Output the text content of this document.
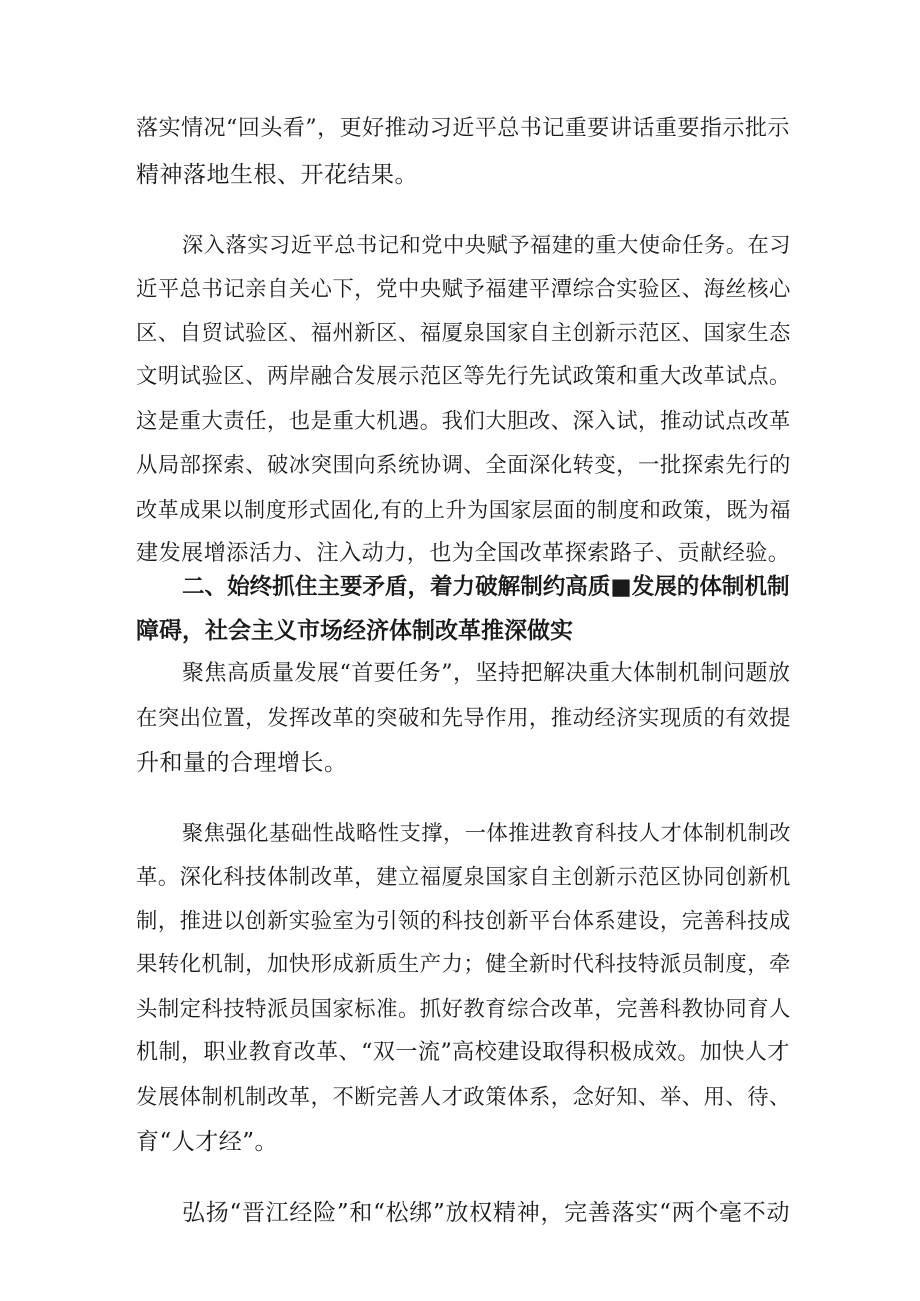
落实情况“回头看”，更好推动习近平总书记重要讲话重要指示批示
精神落地生根、开花结果。
深入落实习近平总书记和党中央赋予福建的重大使命任务。在习
近平总书记亲自关心下，党中央赋予福建平潭综合实验区、海丝核心
区、自贸试验区、福州新区、福厦泉国家自主创新示范区、国家生态
文明试验区、两岸融合发展示范区等先行先试政策和重大改革试点。
这是重大责任，也是重大机遇。我们大胆改、深入试，推动试点改革
从局部探索、破冰突围向系统协调、全面深化转变，一批探索先行的
改革成果以制度形式固化,有的上升为国家层面的制度和政策，既为福
建发展增添活力、注入动力，也为全国改革探索路子、贡献经验。
二、始终抓住主要矛盾，着力破解制约高质■发展的体制机制
障碍，社会主义市场经济体制改革推深做实
聚焦高质量发展“首要任务”，坚持把解决重大体制机制问题放
在突出位置，发挥改革的突破和先导作用，推动经济实现质的有效提
升和量的合理增长。
聚焦强化基础性战略性支撑，一体推进教育科技人才体制机制改
革。深化科技体制改革，建立福厦泉国家自主创新示范区协同创新机
制，推进以创新实验室为引领的科技创新平台体系建设，完善科技成
果转化机制，加快形成新质生产力；健全新时代科技特派员制度，牵
头制定科技特派员国家标准。抓好教育综合改革，完善科教协同育人
机制，职业教育改革、“双一流”高校建设取得积极成效。加快人才
发展体制机制改革，不断完善人才政策体系，念好知、举、用、待、
育“人才经”。
弘扬“晋江经险”和“松绑”放权精神，完善落实“两个毫不动
